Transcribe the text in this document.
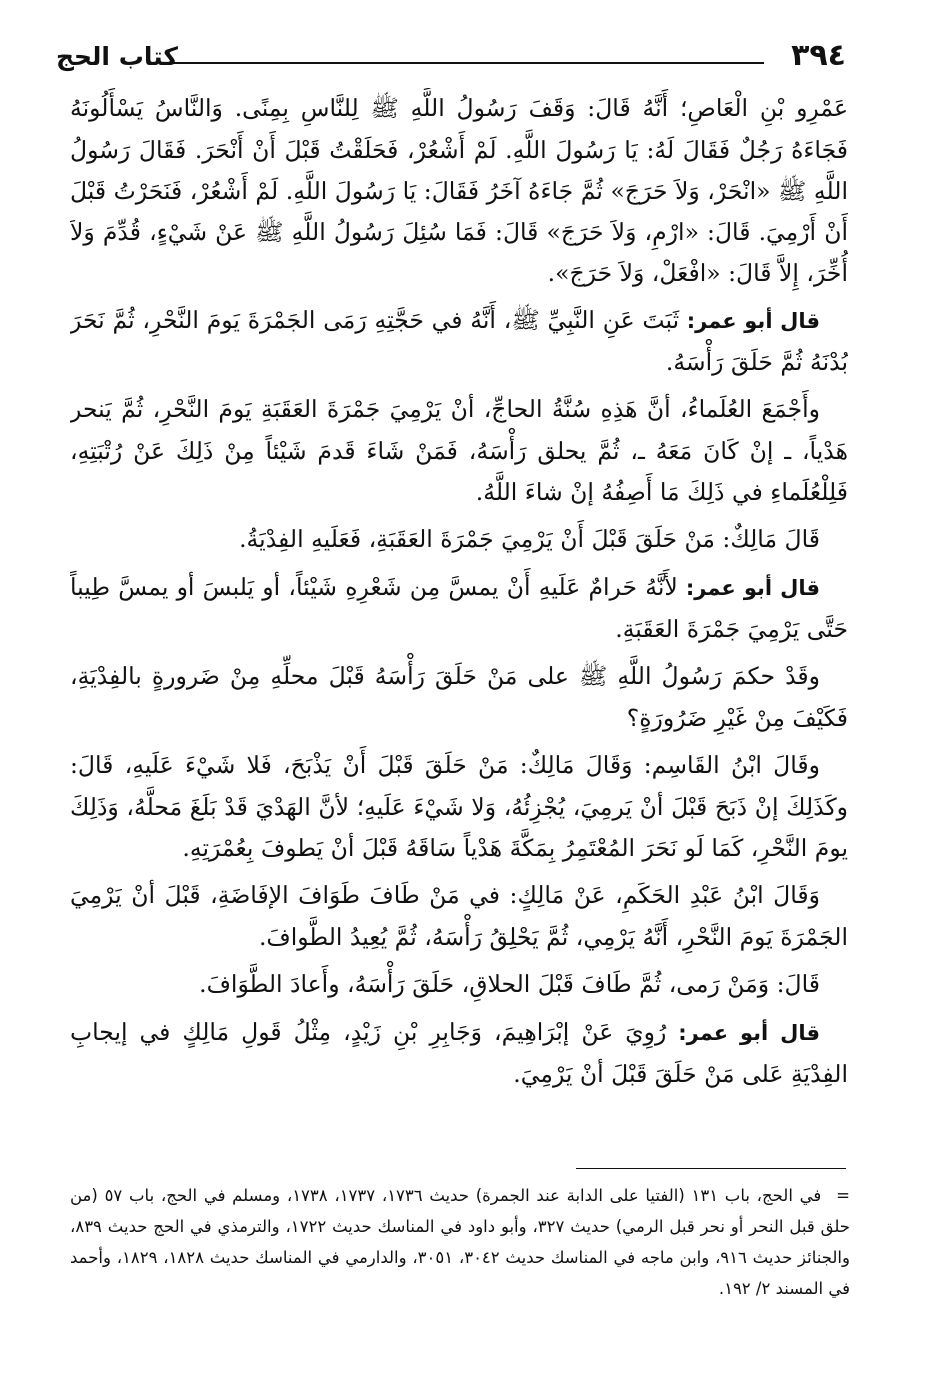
٣٩٤
كتاب الحج

عَمْرِو بْنِ الْعَاصِ؛ أَنَّهُ قَالَ: وَقَفَ رَسُولُ اللَّهِ ﷺ لِلنَّاسِ بِمِنًى. وَالنَّاسُ يَسْأَلُونَهُ فَجَاءَهُ رَجُلٌ فَقَالَ لَهُ: يَا رَسُولَ اللَّهِ. لَمْ أَشْعُرْ، فَحَلَقْتُ قَبْلَ أَنْ أَنْحَرَ. فَقَالَ رَسُولُ اللَّهِ ﷺ «انْحَرْ، وَلاَ حَرَجَ» ثُمَّ جَاءَهُ آخَرُ فَقَالَ: يَا رَسُولَ اللَّهِ. لَمْ أَشْعُرْ، فَنَحَرْتُ قَبْلَ أَنْ أَرْمِيَ. قَالَ: «ارْمِ، وَلاَ حَرَجَ» قَالَ: فَمَا سُئِلَ رَسُولُ اللَّهِ ﷺ عَنْ شَيْءٍ، قُدِّمَ وَلاَ أُخِّرَ، إِلاَّ قَالَ: «افْعَلْ، وَلاَ حَرَجَ».

قال أبو عمر: ثَبَتَ عَنِ النَّبِيِّ ﷺ، أَنَّهُ في حَجَّتِهِ رَمَى الجَمْرَةَ يَومَ النَّحْرِ، ثُمَّ نَحَرَ بُدْنَهُ ثُمَّ حَلَقَ رَأْسَهُ.

وأَجْمَعَ العُلَماءُ، أنَّ هَذِهِ سُنَّةُ الحاجِّ، أنْ يَرْمِيَ جَمْرَةَ العَقَبَةِ يَومَ النَّحْرِ، ثُمَّ يَنحر هَدْياً، ـ إنْ كَانَ مَعَهُ ـ، ثُمَّ يحلق رَأْسَهُ، فَمَنْ شَاءَ قَدمَ شَيْئاً مِنْ ذَلِكَ عَنْ رُتْبَتِهِ، فَلِلْعُلَماءِ في ذَلِكَ مَا أَصِفُهُ إنْ شاءَ اللَّهُ.

قَالَ مَالِكٌ: مَنْ حَلَقَ قَبْلَ أَنْ يَرْمِيَ جَمْرَةَ العَقَبَةِ، فَعَلَيهِ الفِدْيَةُ.

قال أبو عمر: لأَنَّهُ حَرامٌ عَلَيهِ أَنْ يمسَّ مِن شَعْرِهِ شَيْئاً، أو يَلبسَ أو يمسَّ طِيباً حَتَّى يَرْمِيَ جَمْرَةَ العَقَبَةِ.

وقَدْ حكمَ رَسُولُ اللَّهِ ﷺ على مَنْ حَلَقَ رَأْسَهُ قَبْلَ محلِّهِ مِنْ ضَرورةٍ بالفِدْيَةِ، فَكَيْفَ مِنْ غَيْرِ ضَرُورَةٍ؟

وقَالَ ابْنُ القَاسِم: وَقَالَ مَالِكٌ: مَنْ حَلَقَ قَبْلَ أَنْ يَذْبَحَ، فَلا شَيْءَ عَلَيهِ، قَالَ: وكَذَلِكَ إنْ ذَبَحَ قَبْلَ أنْ يَرمِيَ، يُجْزِئُهُ، وَلا شَيْءَ عَلَيهِ؛ لأنَّ الهَدْيَ قَدْ بَلَغَ مَحلَّهُ، وَذَلِكَ يومَ النَّحْرِ، كَمَا لَو نَحَرَ المُعْتَمِرُ بِمَكَّةَ هَدْياً سَاقَهُ قَبْلَ أنْ يَطوفَ بِعُمْرَتِهِ.

وَقَالَ ابْنُ عَبْدِ الحَكَمِ، عَنْ مَالِكٍ: في مَنْ طَافَ طَوَافَ الإفَاضَةِ، قَبْلَ أنْ يَرْمِيَ الجَمْرَةَ يَومَ النَّحْرِ، أَنَّهُ يَرْمِي، ثُمَّ يَحْلِقُ رَأْسَهُ، ثُمَّ يُعِيدُ الطَّوافَ.

قَالَ: وَمَنْ رَمى، ثُمَّ طَافَ قَبْلَ الحلاقِ، حَلَقَ رَأْسَهُ، وأَعادَ الطَّوَافَ.

قال أبو عمر: رُوِيَ عَنْ إبْرَاهِيمَ، وَجَابِرِ بْنِ زَيْدٍ، مِثْلُ قَولِ مَالِكٍ في إيجابِ الفِدْيَةِ عَلى مَنْ حَلَقَ قَبْلَ أنْ يَرْمِيَ.

= في الحج، باب ١٣١ (الفتيا على الدابة عند الجمرة) حديث ١٧٣٦، ١٧٣٧، ١٧٣٨، ومسلم في الحج، باب ٥٧ (من حلق قبل النحر أو نحر قبل الرمي) حديث ٣٢٧، وأبو داود في المناسك حديث ١٧٢٢، والترمذي في الحج حديث ٨٣٩، والجنائز حديث ٩١٦، وابن ماجه في المناسك حديث ٣٠٤٢، ٣٠٥١، والدارمي في المناسك حديث ١٨٢٨، ١٨٢٩، وأحمد في المسند ٢/ ١٩٢.
